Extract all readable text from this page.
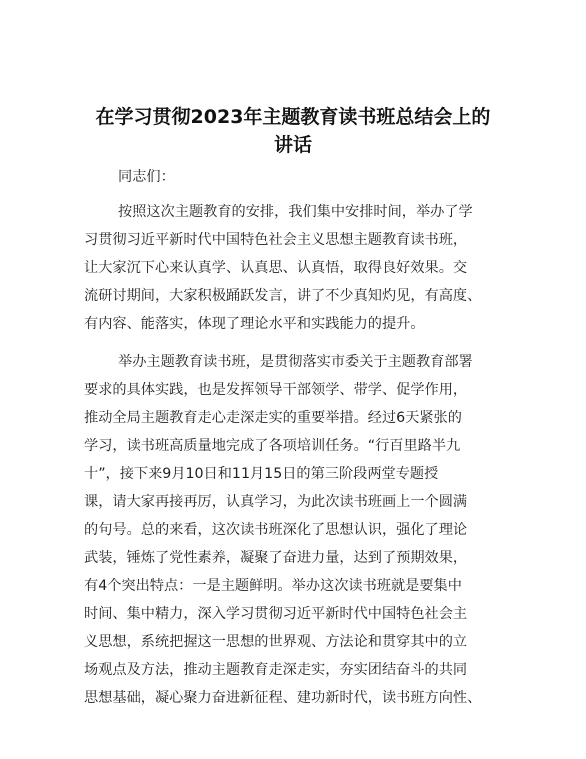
在学习贯彻2023年主题教育读书班总结会上的
讲话

同志们：

按照这次主题教育的安排，我们集中安排时间，举办了学

习贯彻习近平新时代中国特色社会主义思想主题教育读书班，

让大家沉下心来认真学、认真思、认真悟，取得良好效果。交

流研讨期间，大家积极踊跃发言，讲了不少真知灼见，有高度、

有内容、能落实，体现了理论水平和实践能力的提升。

举办主题教育读书班，是贯彻落实市委关于主题教育部署

要求的具体实践，也是发挥领导干部领学、带学、促学作用，

推动全局主题教育走心走深走实的重要举措。经过6天紧张的

学习，读书班高质量地完成了各项培训任务。“行百里路半九

十”，接下来9月10日和11月15日的第三阶段两堂专题授

课，请大家再接再厉，认真学习，为此次读书班画上一个圆满

的句号。总的来看，这次读书班深化了思想认识，强化了理论

武装，锤炼了党性素养，凝聚了奋进力量，达到了预期效果，

有4个突出特点：一是主题鲜明。举办这次读书班就是要集中

时间、集中精力，深入学习贯彻习近平新时代中国特色社会主

义思想，系统把握这一思想的世界观、方法论和贯穿其中的立

场观点及方法，推动主题教育走深走实，夯实团结奋斗的共同

思想基础，凝心聚力奋进新征程、建功新时代，读书班方向性、
